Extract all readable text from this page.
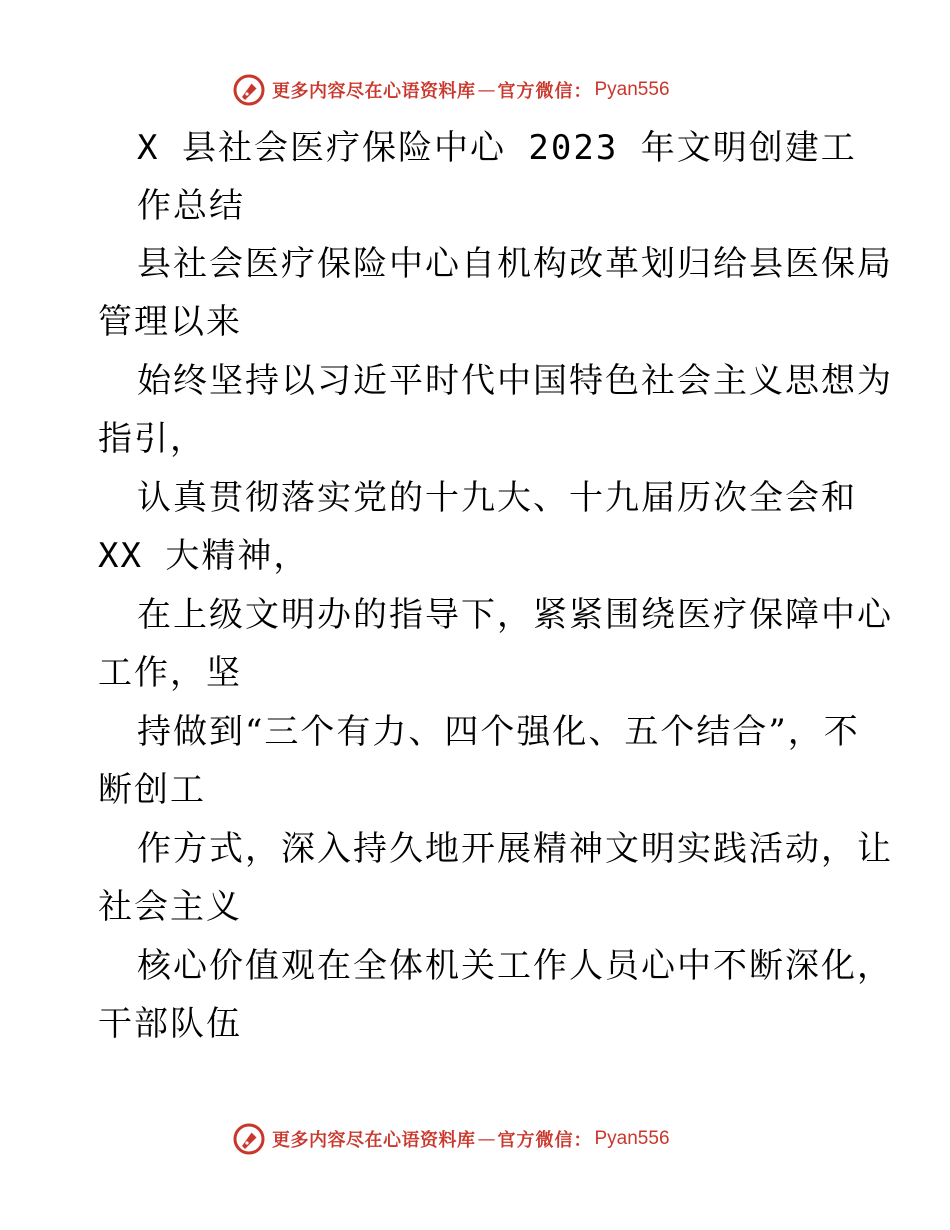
更多内容尽在心语资料库 — 官方微信： Pyan556
X 县社会医疗保险中心 2023 年文明创建工
作总结
县社会医疗保险中心自机构改革划归给县医保局
管理以来
始终坚持以习近平时代中国特色社会主义思想为
指引，
认真贯彻落实党的十九大、十九届历次全会和
XX 大精神，
在上级文明办的指导下，紧紧围绕医疗保障中心
工作，坚
持做到“三个有力、四个强化、五个结合”，不
断创工
作方式，深入持久地开展精神文明实践活动，让
社会主义
核心价值观在全体机关工作人员心中不断深化，
干部队伍
更多内容尽在心语资料库 — 官方微信： Pyan556
